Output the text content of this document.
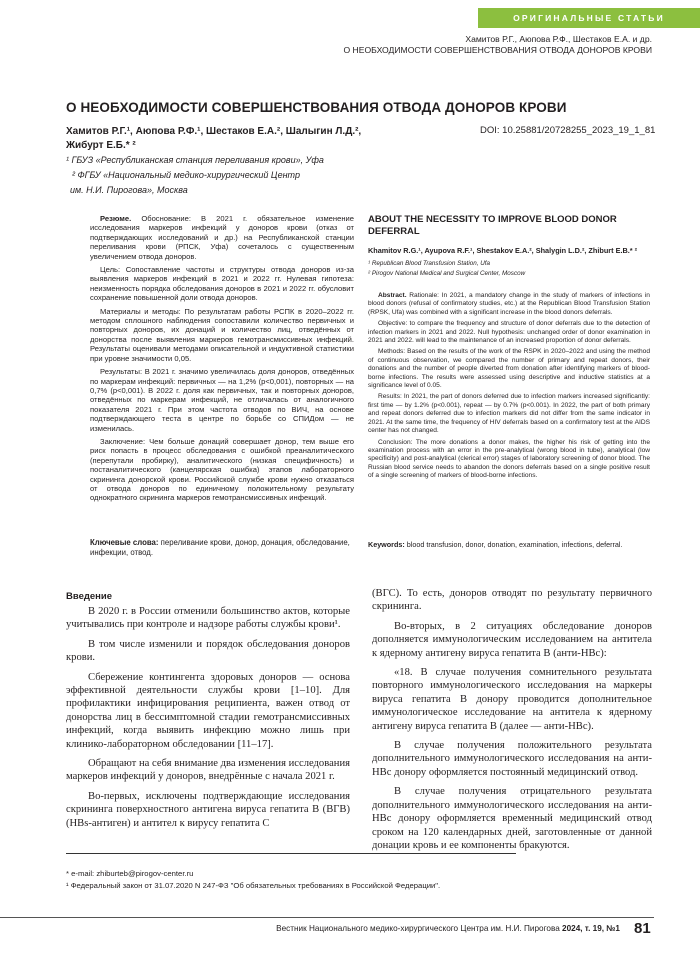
ОРИГИНАЛЬНЫЕ СТАТЬИ
Хамитов Р.Г., Аюпова Р.Ф., Шестаков Е.А. и др.
О НЕОБХОДИМОСТИ СОВЕРШЕНСТВОВАНИЯ ОТВОДА ДОНОРОВ КРОВИ
О НЕОБХОДИМОСТИ СОВЕРШЕНСТВОВАНИЯ ОТВОДА ДОНОРОВ КРОВИ
Хамитов Р.Г.¹, Аюпова Р.Ф.¹, Шестаков Е.А.², Шалыгин Л.Д.²,
Жибурт Е.Б.* ²
DOI: 10.25881/20728255_2023_19_1_81
¹ ГБУЗ «Республиканская станция переливания крови», Уфа
² ФГБУ «Национальный медико-хирургический Центр
им. Н.И. Пирогова», Москва

Резюме. Обоснование: В 2021 г. обязательное изменение исследования маркеров инфекций у доноров крови (отказ от подтверждающих исследований и др.) на Республиканской станции переливания крови (РПСК, Уфа) сочеталось с существенным увеличением отвода доноров.

Цель: Сопоставление частоты и структуры отвода доноров из-за выявления маркеров инфекций в 2021 и 2022 гг. Нулевая гипотеза: неизменность порядка обследования доноров в 2021 и 2022 гг. обусловит сохранение повышенной доли отвода доноров.

Материалы и методы: По результатам работы РСПК в 2020–2022 гг. методом сплошного наблюдения сопоставили количество первичных и повторных доноров, их донаций и количество лиц, отведённых от донорства после выявления маркеров гемотрансмиссивных инфекций. Результаты оценивали методами описательной и индуктивной статистики при уровне значимости 0,05.

Результаты: В 2021 г. значимо увеличилась доля доноров, отведённых по маркерам инфекций: первичных — на 1,2% (p<0,001), повторных — на 0,7% (p<0,001). В 2022 г. доля как первичных, так и повторных доноров, отведённых по маркерам инфекций, не отличалась от аналогичного показателя 2021 г. При этом частота отводов по ВИЧ, на основе подтверждающего теста в центре по борьбе со СПИДом — не изменилась.

Заключение: Чем больше донаций совершает донор, тем выше его риск попасть в процесс обследования с ошибкой преаналитического (перепутали пробирку), аналитического (низкая специфичность) и постаналитического (канцелярская ошибка) этапов лабораторного скрининга донорской крови. Российской службе крови нужно отказаться от отвода доноров по единичному положительному результату однократного скрининга маркеров гемотрансмиссивных инфекций.

Ключевые слова: переливание крови, донор, донация, обследование, инфекции, отвод.
ABOUT THE NECESSITY TO IMPROVE BLOOD DONOR DEFERRAL
Khamitov R.G.¹, Ayupova R.F.¹, Shestakov E.A.², Shalygin L.D.², Zhiburt E.B.* ²
¹ Republican Blood Transfusion Station, Ufa
² Pirogov National Medical and Surgical Center, Moscow

Abstract. Rationale: In 2021, a mandatory change in the study of markers of infections in blood donors (refusal of confirmatory studies, etc.) at the Republican Blood Transfusion Station (RPSK, Ufa) was combined with a significant increase in the blood donors deferrals.

Objective: to compare the frequency and structure of donor deferrals due to the detection of infection markers in 2021 and 2022. Null hypothesis: unchanged order of donor examination in 2021 and 2022. will lead to the maintenance of an increased proportion of donor deferrals.

Methods: Based on the results of the work of the RSPK in 2020–2022 and using the method of continuous observation, we compared the number of primary and repeat donors, their donations and the number of people diverted from donation after identifying markers of blood-borne infections. The results were assessed using descriptive and inductive statistics at a significance level of 0.05.

Results: In 2021, the part of donors deferred due to infection markers increased significantly: first time — by 1.2% (p<0.001), repeat — by 0.7% (p<0.001). In 2022, the part of both primary and repeat donors deferred due to infection markers did not differ from the same indicator in 2021. At the same time, the frequency of HIV deferrals based on a confirmatory test at the AIDS center has not changed.

Conclusion: The more donations a donor makes, the higher his risk of getting into the examination process with an error in the pre-analytical (wrong blood in tube), analytical (low specificity) and post-analytical (clerical error) stages of laboratory screening of donor blood. The Russian blood service needs to abandon the donors deferrals based on a single positive result of a single screening of markers of blood-borne infections.

Keywords: blood transfusion, donor, donation, examination, infections, deferral.
Введение

В 2020 г. в России отменили большинство актов, которые учитывались при контроле и надзоре работы службы крови¹.

В том числе изменили и порядок обследования доноров крови.

Сбережение контингента здоровых доноров — основа эффективной деятельности службы крови [1–10]. Для профилактики инфицирования реципиента, важен отвод от донорства лиц в бессимптомной стадии гемотрансмиссивных инфекций, когда выявить инфекцию можно лишь при клинико-лабораторном обследовании [11–17].

Обращают на себя внимание два изменения исследования маркеров инфекций у доноров, внедрённые с начала 2021 г.

Во-первых, исключены подтверждающие исследования скрининга поверхностного антигена вируса гепатита В (ВГВ) (HBs-антиген) и антител к вирусу гепатита С

(ВГС). То есть, доноров отводят по результату первичного скрининга.

Во-вторых, в 2 ситуациях обследование доноров дополняется иммунологическим исследованием на антитела к ядерному антигену вируса гепатита В (анти-НВс):

«18. В случае получения сомнительного результата повторного иммунологического исследования на маркеры вируса гепатита В донору проводится дополнительное иммунологическое исследование на антитела к ядерному антигену вируса гепатита В (далее — анти-НВс).

В случае получения положительного результата дополнительного иммунологического исследования на анти-НВс донору оформляется постоянный медицинский отвод.

В случае получения отрицательного результата дополнительного иммунологического исследования на анти-НВс донору оформляется временный медицинский отвод сроком на 120 календарных дней, заготовленные от данной донации кровь и ее компоненты бракуются.

* e-mail: zhiburteb@pirogov-center.ru
¹ Федеральный закон от 31.07.2020 N 247-ФЗ "Об обязательных требованиях в Российской Федерации".
Вестник Национального медико-хирургического Центра им. Н.И. Пирогова 2024, т. 19, №1 81
